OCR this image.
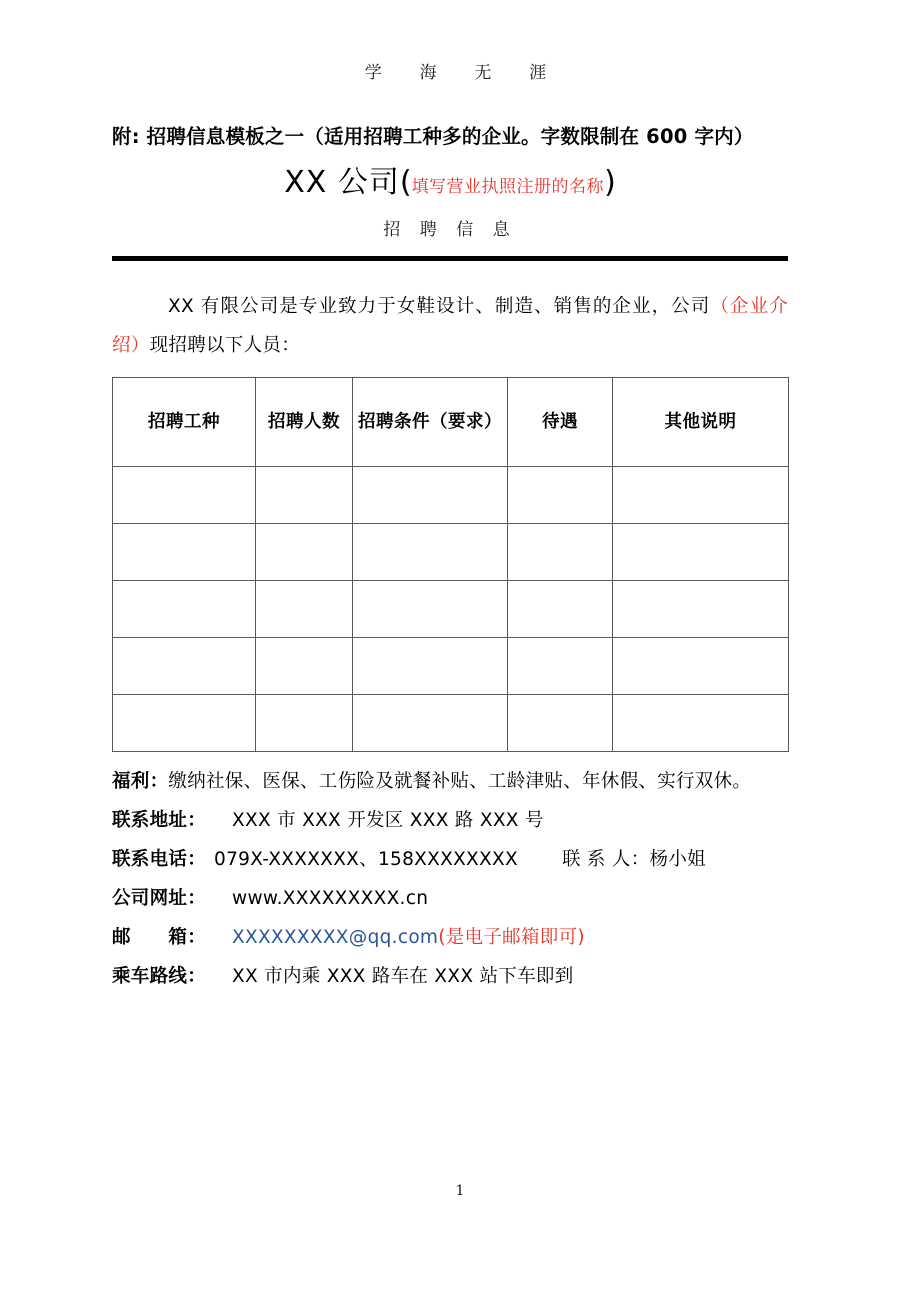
学  海  无  涯

附: 招聘信息模板之一（适用招聘工种多的企业。字数限制在 600 字内）

XX 公司(填写营业执照注册的名称)
招 聘 信 息

XX 有限公司是专业致力于女鞋设计、制造、销售的企业，公司（企业介绍）现招聘以下人员：

招聘工种	招聘人数	招聘条件（要求）	待遇	其他说明

福利：缴纳社保、医保、工伤险及就餐补贴、工龄津贴、年休假、实行双休。
联系地址： XXX 市 XXX 开发区 XXX 路 XXX 号
联系电话： 079X-XXXXXXX、158XXXXXXXX 联 系 人：杨小姐
公司网址： www.XXXXXXXXX.cn
邮　　箱： XXXXXXXXX@qq.com(是电子邮箱即可)
乘车路线： XX 市内乘 XXX 路车在 XXX 站下车即到
1
